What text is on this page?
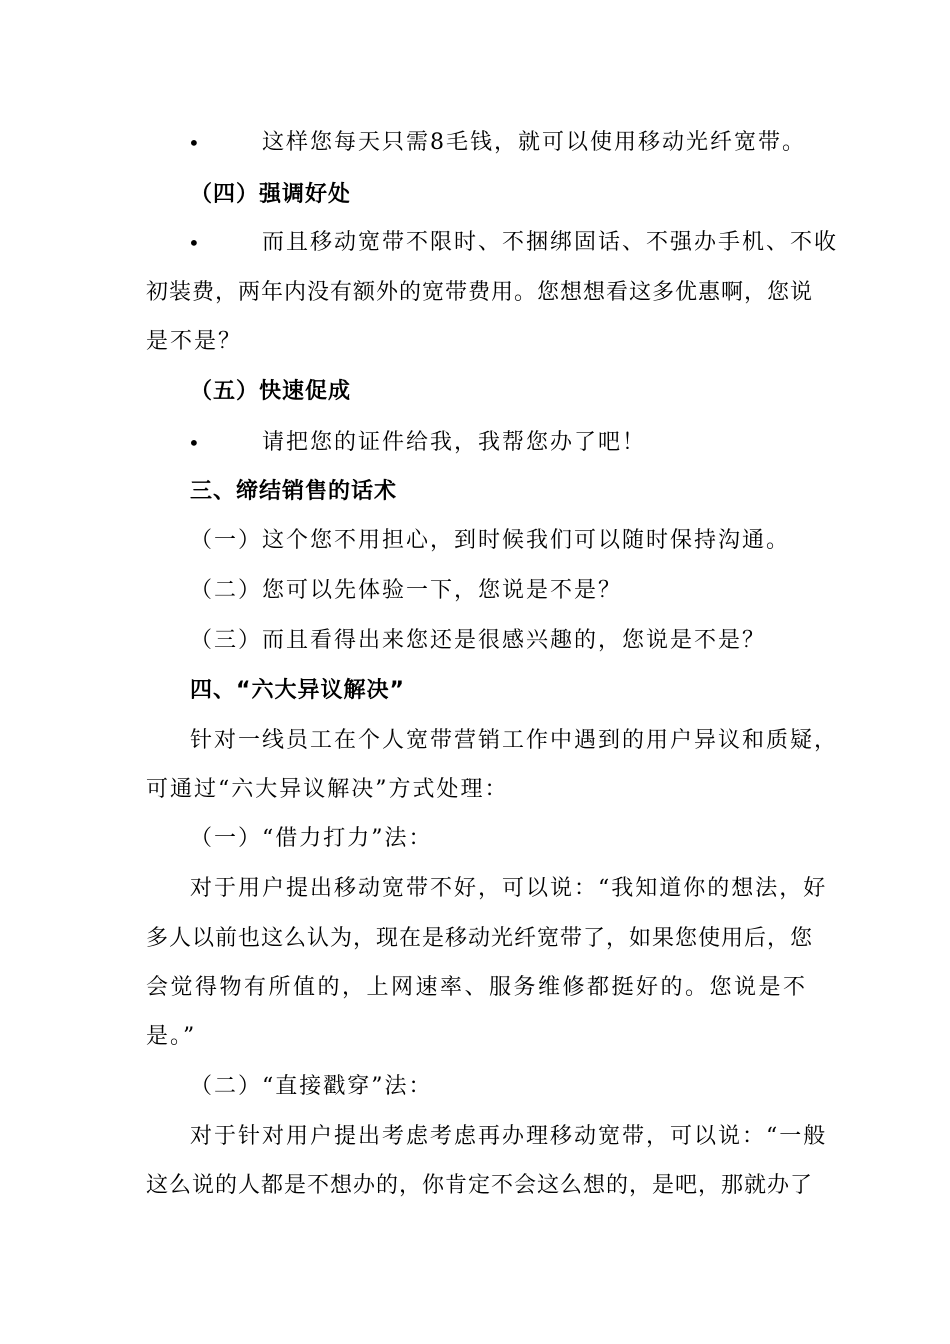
•	这样您每天只需8毛钱，就可以使用移动光纤宽带。
（四）强调好处
•	而且移动宽带不限时、不捆绑固话、不强办手机、不收
初装费，两年内没有额外的宽带费用。您想想看这多优惠啊，您说
是不是？
（五）快速促成
•	请把您的证件给我，我帮您办了吧！
三、缔结销售的话术
（一）这个您不用担心，到时候我们可以随时保持沟通。
（二）您可以先体验一下，您说是不是？
（三）而且看得出来您还是很感兴趣的，您说是不是？
四、“六大异议解决”
针对一线员工在个人宽带营销工作中遇到的用户异议和质疑，
可通过“六大异议解决”方式处理：
（一）“借力打力”法：
对于用户提出移动宽带不好，可以说：“我知道你的想法，好
多人以前也这么认为，现在是移动光纤宽带了，如果您使用后，您
会觉得物有所值的，上网速率、服务维修都挺好的。您说是不
是。”
（二）“直接戳穿”法：
对于针对用户提出考虑考虑再办理移动宽带，可以说：“一般
这么说的人都是不想办的，你肯定不会这么想的，是吧，那就办了
